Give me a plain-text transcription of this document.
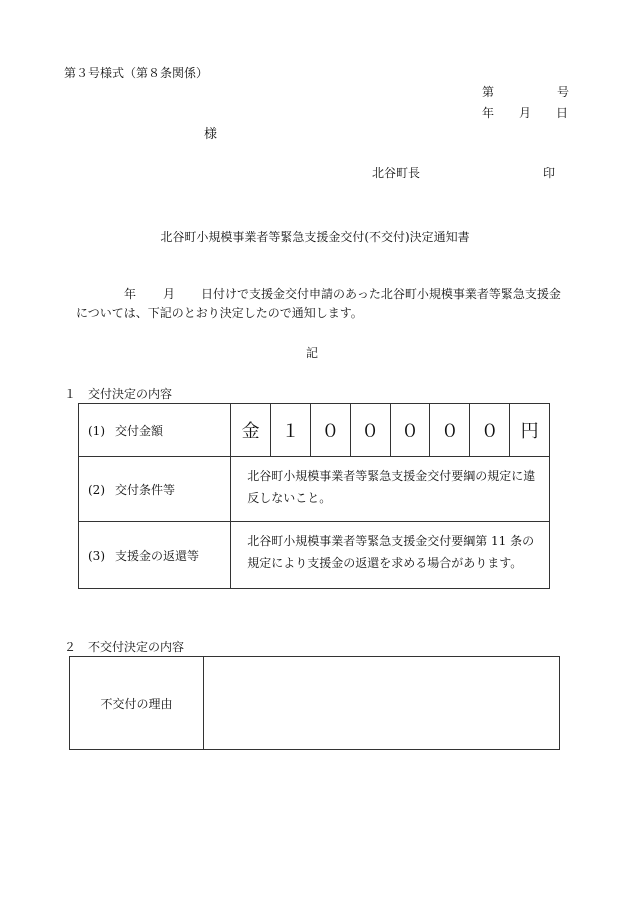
第３号様式（第８条関係）
第	号
年 月 日
様
北谷町長	印
北谷町小規模事業者等緊急支援金交付(不交付)決定通知書
年 月 日付けで支援金交付申請のあった北谷町小規模事業者等緊急支援金
については、下記のとおり決定したので通知します。
記
１　交付決定の内容
(1) 交付金額	金	１	０	０	０	０	０	円
(2) 交付条件等	北谷町小規模事業者等緊急支援金交付要綱の規定に違反しないこと。							
(3) 支援金の返還等	北谷町小規模事業者等緊急支援金交付要綱第 11 条の規定により支援金の返還を求める場合があります。							
２　不交付決定の内容
不交付の理由	
